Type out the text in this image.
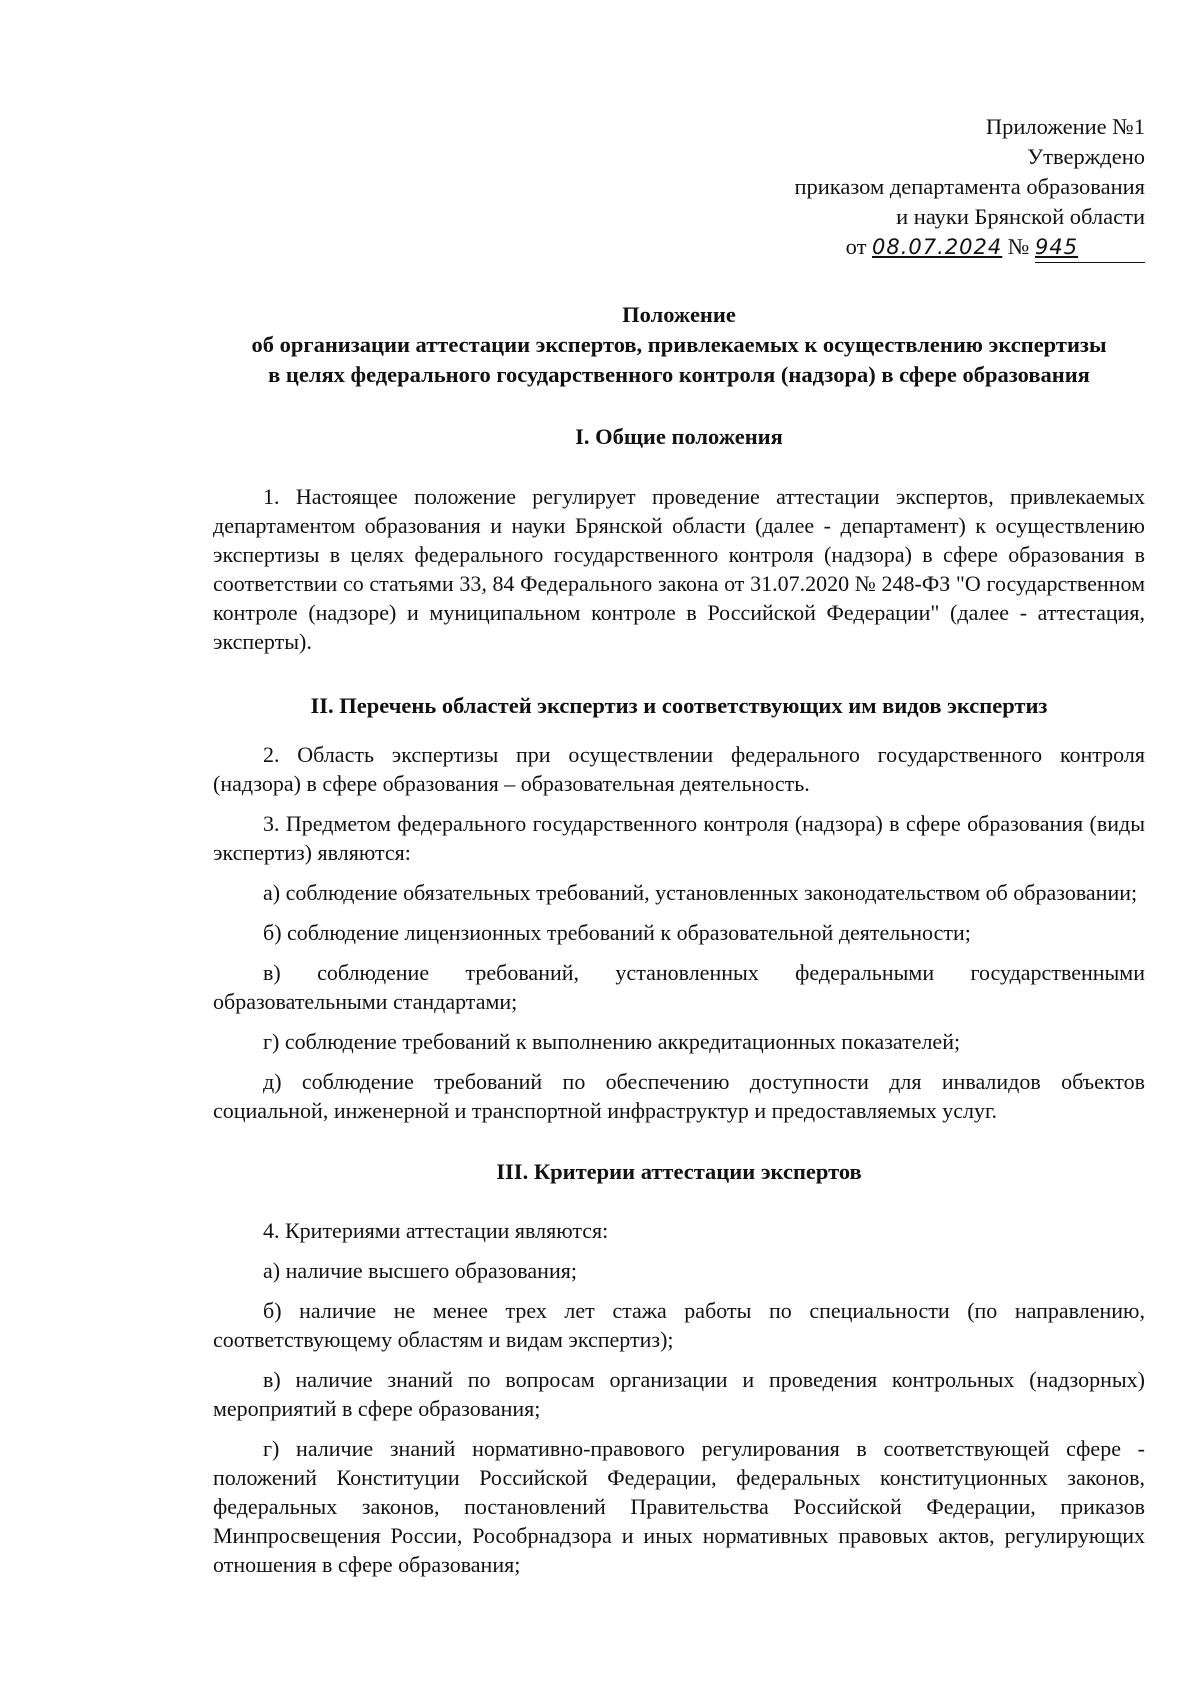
Приложение №1
Утверждено
приказом департамента образования
и науки Брянской области
от 08.07.2024 № 945

Положение

об организации аттестации экспертов, привлекаемых к осуществлению экспертизы

в целях федерального государственного контроля (надзора) в сфере образования

I. Общие положения

1. Настоящее положение регулирует проведение аттестации экспертов, привлекаемых департаментом образования и науки Брянской области (далее - департамент) к осуществлению экспертизы в целях федерального государственного контроля (надзора) в сфере образования в соответствии со статьями 33, 84 Федерального закона от 31.07.2020 № 248-ФЗ "О государственном контроле (надзоре) и муниципальном контроле в Российской Федерации" (далее - аттестация, эксперты).

II. Перечень областей экспертиз и соответствующих им видов экспертиз

2. Область экспертизы при осуществлении федерального государственного контроля (надзора) в сфере образования – образовательная деятельность.

3. Предметом федерального государственного контроля (надзора) в сфере образования (виды экспертиз) являются:

а) соблюдение обязательных требований, установленных законодательством об образовании;

б) соблюдение лицензионных требований к образовательной деятельности;

в) соблюдение требований, установленных федеральными государственными образовательными стандартами;

г) соблюдение требований к выполнению аккредитационных показателей;

д) соблюдение требований по обеспечению доступности для инвалидов объектов социальной, инженерной и транспортной инфраструктур и предоставляемых услуг.

III. Критерии аттестации экспертов

4. Критериями аттестации являются:

а) наличие высшего образования;

б) наличие не менее трех лет стажа работы по специальности (по направлению, соответствующему областям и видам экспертиз);

в) наличие знаний по вопросам организации и проведения контрольных (надзорных) мероприятий в сфере образования;

г) наличие знаний нормативно-правового регулирования в соответствующей сфере - положений Конституции Российской Федерации, федеральных конституционных законов, федеральных законов, постановлений Правительства Российской Федерации, приказов Минпросвещения России, Рособрнадзора и иных нормативных правовых актов, регулирующих отношения в сфере образования;
